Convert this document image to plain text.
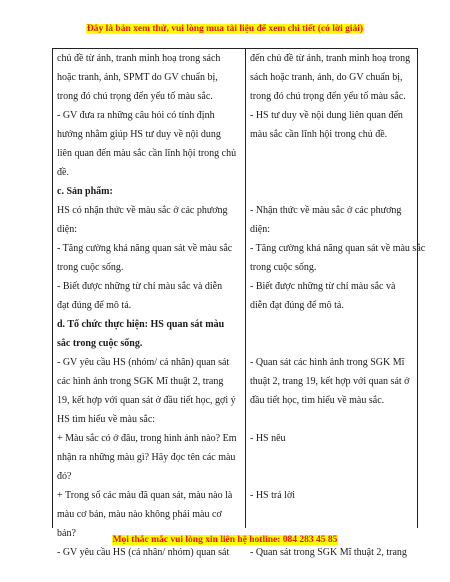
Đây là bản xem thử, vui lòng mua tài liệu để xem chi tiết (có lời giải)
chủ đề từ ảnh, tranh minh hoạ trong sách
hoặc tranh, ảnh, SPMT do GV chuẩn bị,
trong đó chú trọng đến yếu tố màu sắc.
- GV đưa ra những câu hỏi có tính định
hướng nhằm giúp HS tư duy về nội dung
liên quan đến màu sắc cần lĩnh hội trong chủ
đề.
c. Sản phẩm:
HS có nhận thức về màu sắc ở các phương
diện:
- Tăng cường khả năng quan sát về màu sắc
trong cuộc sống.
- Biết được những từ chỉ màu sắc và diễn
đạt đúng để mô tả.
d. Tổ chức thực hiện: HS quan sát màu
sắc trong cuộc sống.
- GV yêu cầu HS (nhóm/ cá nhân) quan sát
các hình ảnh trong SGK Mĩ thuật 2, trang
19, kết hợp với quan sát ở đầu tiết học, gợi ý
HS tìm hiểu về màu sắc:
+ Màu sắc có ở đâu, trong hình ảnh nào? Em
nhận ra những màu gì? Hãy đọc tên các màu
đó?
+ Trong số các màu đã quan sát, màu nào là
màu cơ bản, màu nào không phải màu cơ
bản?
- GV yêu cầu HS (cá nhân/ nhóm) quan sát
đến chủ đề từ ảnh, tranh minh hoạ trong
sách hoặc tranh, ảnh, do GV chuẩn bị,
trong đó chú trọng đến yếu tố màu sắc.
- HS tư duy về nội dung liên quan đến
màu sắc cần lĩnh hội trong chủ đề.
- Nhận thức về màu sắc ở các phương
diện:
- Tăng cường khả năng quan sát về màu sắc
trong cuộc sống.
- Biết được những từ chỉ màu sắc và
diễn đạt đúng để mô tả.
- Quan sát các hình ảnh trong SGK Mĩ
thuật 2, trang 19, kết hợp với quan sát ở
đầu tiết học, tìm hiểu về màu sắc.
- HS nêu
- HS trả lời
- Quan sát trong SGK Mĩ thuật 2, trang
Mọi thắc mắc vui lòng xin liên hệ hotline: 084 283 45 85
